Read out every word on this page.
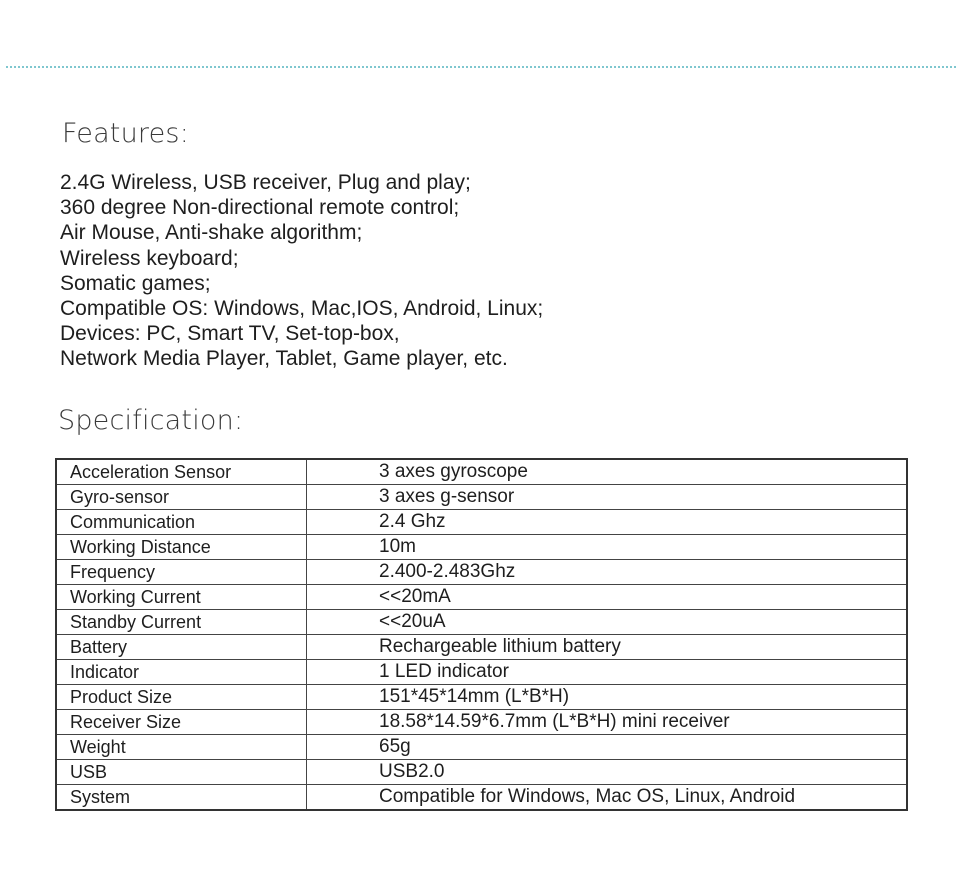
Features:
2.4G Wireless, USB receiver, Plug and play;
360 degree Non-directional remote control;
Air Mouse, Anti-shake algorithm;
Wireless keyboard;
Somatic games;
Compatible OS: Windows, Mac,IOS, Android, Linux;
Devices: PC, Smart TV, Set-top-box,
Network Media Player, Tablet, Game player, etc.
Specification:
Acceleration Sensor	3 axes gyroscope
Gyro-sensor	3 axes g-sensor
Communication	2.4 Ghz
Working Distance	10m
Frequency	2.400-2.483Ghz
Working Current	<<20mA
Standby Current	<<20uA
Battery	Rechargeable lithium battery
Indicator	1 LED indicator
Product Size	151*45*14mm (L*B*H)
Receiver Size	18.58*14.59*6.7mm (L*B*H) mini receiver
Weight	65g
USB	USB2.0
System	Compatible for Windows, Mac OS, Linux, Android
